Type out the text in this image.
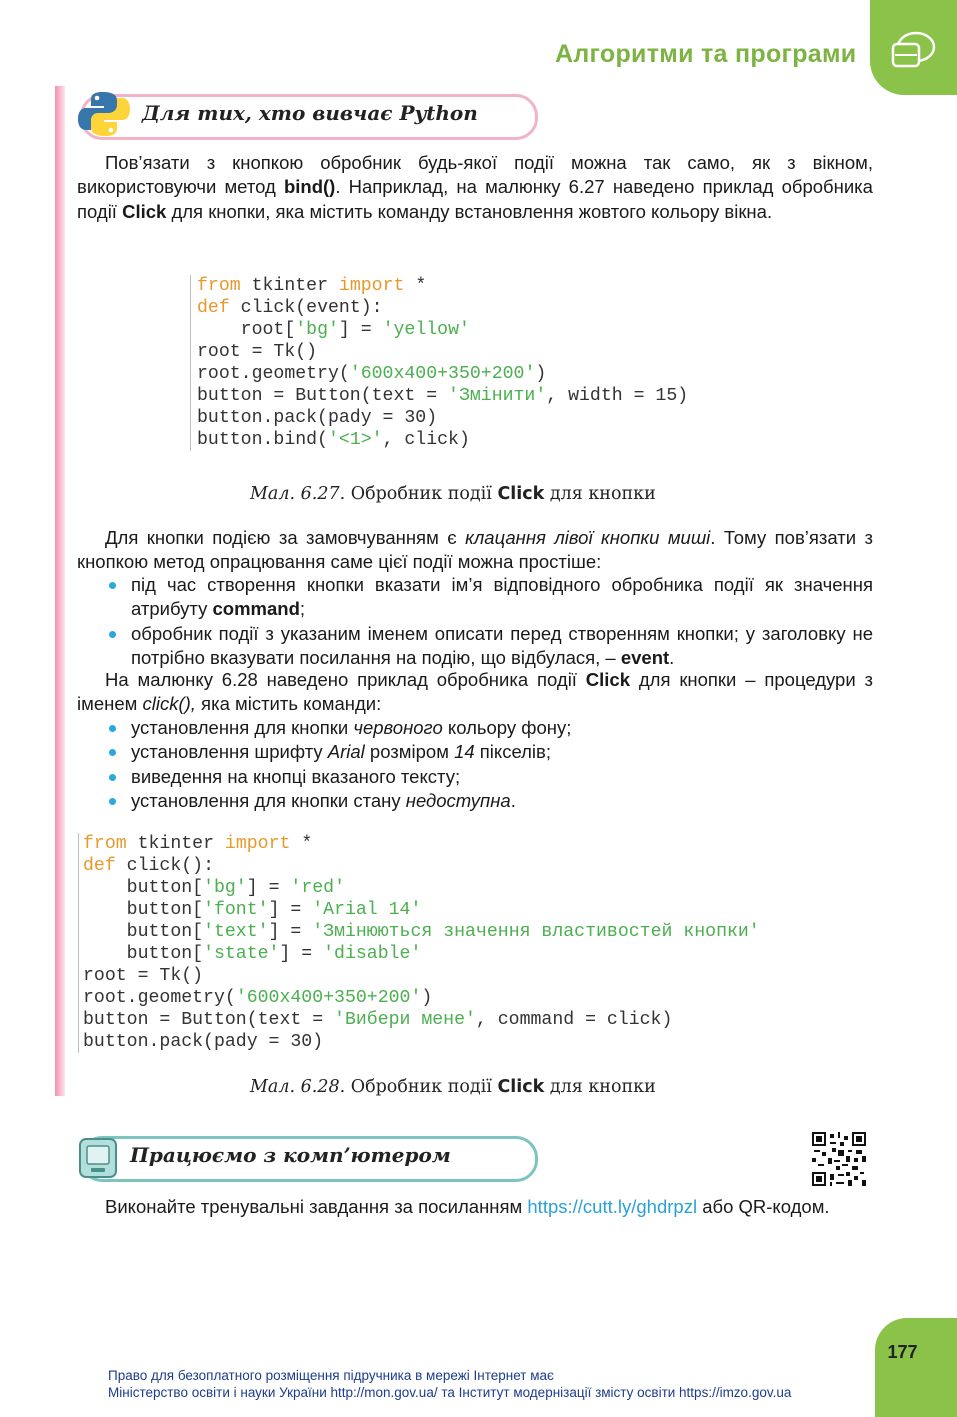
Алгоритми та програми
Для тих, хто вивчає Python
Пов’язати з кнопкою обробник будь-якої події можна так само, як з вікном, використовуючи метод bind(). Наприклад, на малюнку 6.27 наведено приклад обробника події Click для кнопки, яка містить команду встановлення жовтого кольору вікна.
from tkinter import *
def click(event):
root['bg'] = 'yellow'
root = Tk()
root.geometry('600x400+350+200')
button = Button(text = 'Змінити', width = 15)
button.pack(pady = 30)
button.bind('<1>', click)
Мал. 6.27. Обробник події Click для кнопки
Для кнопки подією за замовчуванням є клацання лівої кнопки миші. Тому пов’язати з кнопкою метод опрацювання саме цієї події можна простіше:
під час створення кнопки вказати ім’я відповідного обробника події як значення атрибуту command;
обробник події з указаним іменем описати перед створенням кнопки; у заголовку не потрібно вказувати посилання на подію, що відбулася, – event.
На малюнку 6.28 наведено приклад обробника події Click для кнопки – процедури з іменем click(), яка містить команди:
установлення для кнопки червоного кольору фону;
установлення шрифту Arial розміром 14 пікселів;
виведення на кнопці вказаного тексту;
установлення для кнопки стану недоступна.
from tkinter import *
def click():
button['bg'] = 'red'
button['font'] = 'Arial 14'
button['text'] = 'Змінюються значення властивостей кнопки'
button['state'] = 'disable'
root = Tk()
root.geometry('600x400+350+200')
button = Button(text = 'Вибери мене', command = click)
button.pack(pady = 30)
Мал. 6.28. Обробник події Click для кнопки
Працюємо з комп’ютером
Виконайте тренувальні завдання за посиланням https://cutt.ly/ghdrpzl або QR-кодом.
177
Право для безоплатного розміщення підручника в мережі Інтернет має
Міністерство освіти і науки України http://mon.gov.ua/ та Інститут модернізації змісту освіти https://imzo.gov.ua
